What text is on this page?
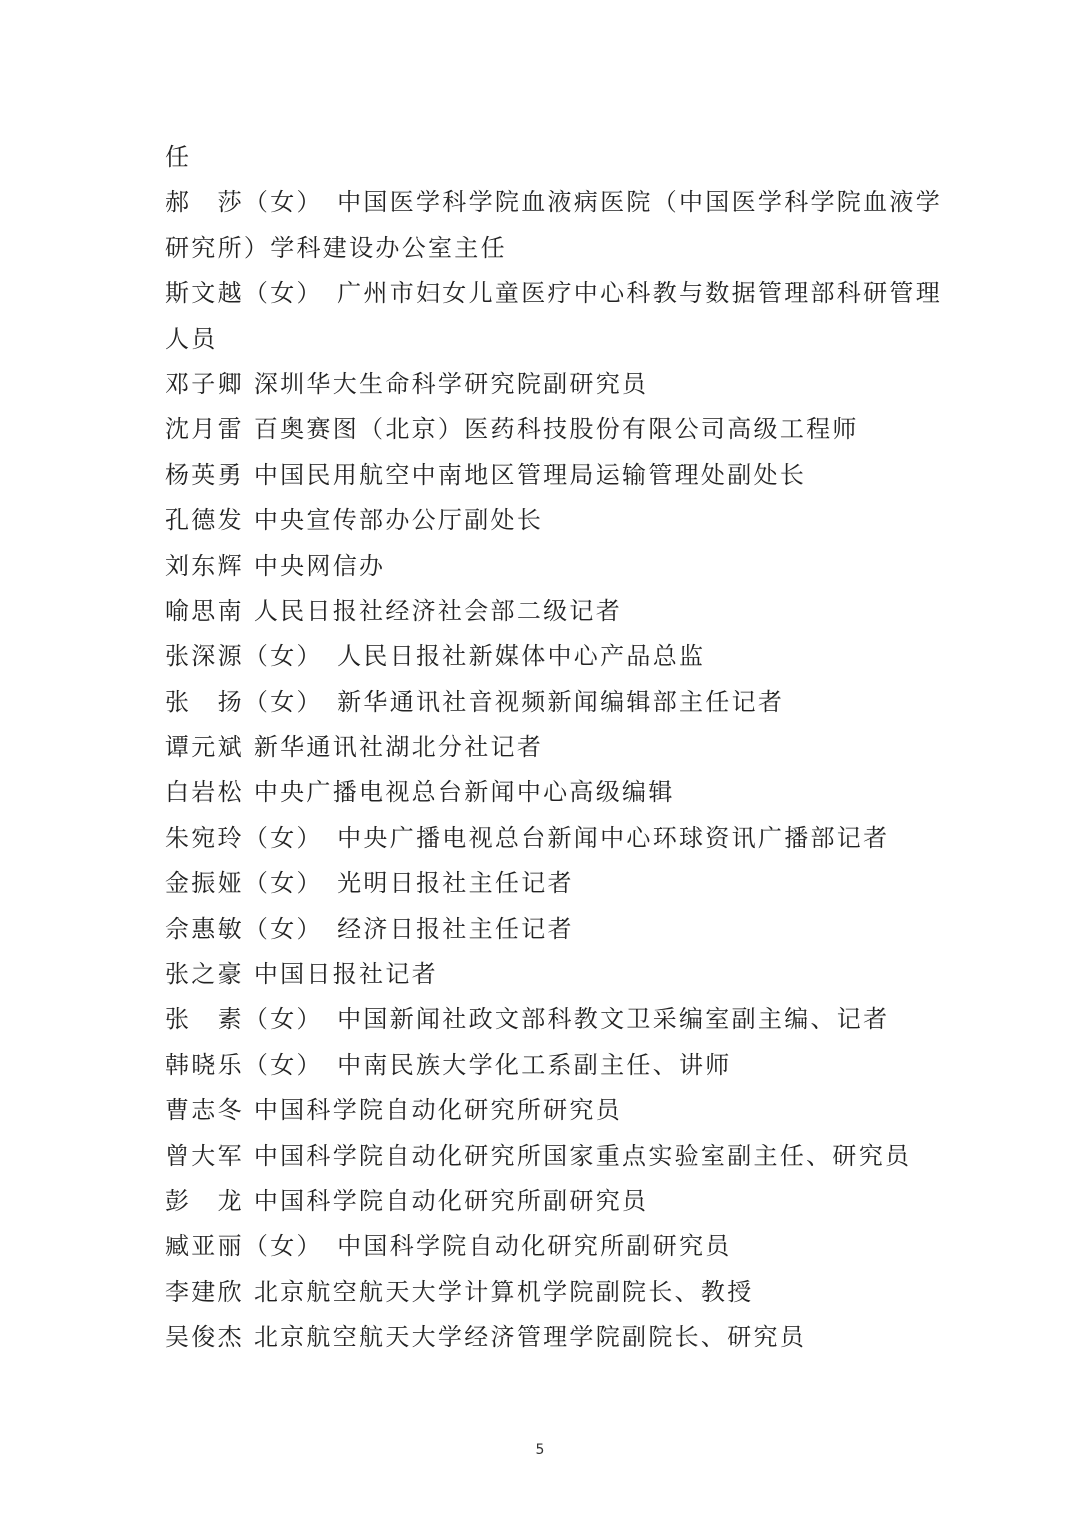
任
郝　莎（女）　中国医学科学院血液病医院（中国医学科学院血液学
研究所）学科建设办公室主任
斯文越（女）　广州市妇女儿童医疗中心科教与数据管理部科研管理
人员
邓子卿 深圳华大生命科学研究院副研究员
沈月雷 百奥赛图（北京）医药科技股份有限公司高级工程师
杨英勇 中国民用航空中南地区管理局运输管理处副处长
孔德发 中央宣传部办公厅副处长
刘东辉 中央网信办
喻思南 人民日报社经济社会部二级记者
张深源（女）　人民日报社新媒体中心产品总监
张　扬（女）　新华通讯社音视频新闻编辑部主任记者
谭元斌 新华通讯社湖北分社记者
白岩松 中央广播电视总台新闻中心高级编辑
朱宛玲（女）　中央广播电视总台新闻中心环球资讯广播部记者
金振娅（女）　光明日报社主任记者
佘惠敏（女）　经济日报社主任记者
张之豪 中国日报社记者
张　素（女）　中国新闻社政文部科教文卫采编室副主编、记者
韩晓乐（女）　中南民族大学化工系副主任、讲师
曹志冬 中国科学院自动化研究所研究员
曾大军 中国科学院自动化研究所国家重点实验室副主任、研究员
彭　龙 中国科学院自动化研究所副研究员
臧亚丽（女）　中国科学院自动化研究所副研究员
李建欣 北京航空航天大学计算机学院副院长、教授
吴俊杰 北京航空航天大学经济管理学院副院长、研究员
5
